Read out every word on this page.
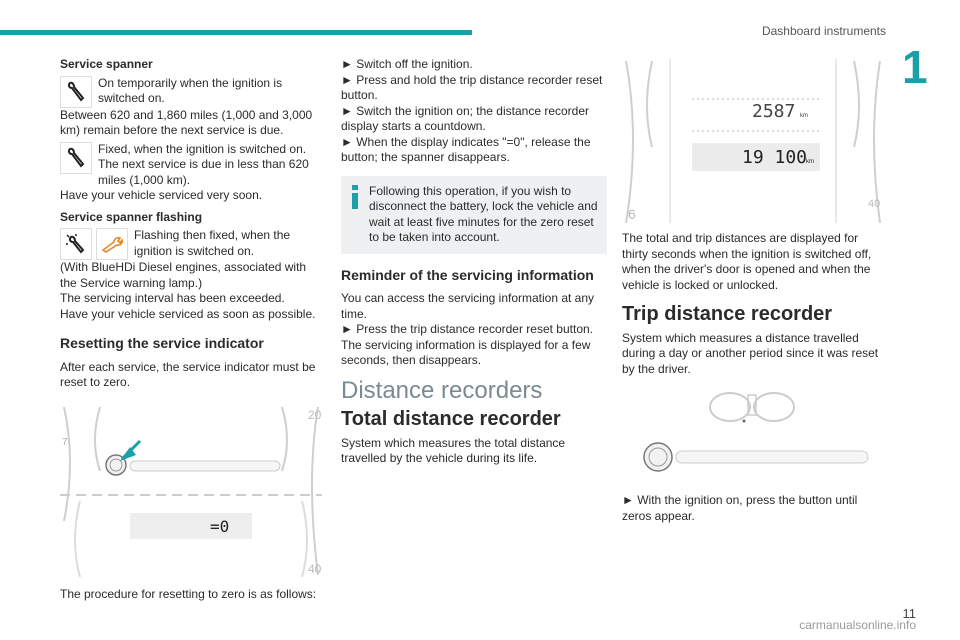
Dashboard instruments
1

Service spanner

On temporarily when the ignition is switched on.

Between 620 and 1,860 miles (1,000 and 3,000 km) remain before the next service is due.

Fixed, when the ignition is switched on. The next service is due in less than 620 miles (1,000 km).

Have your vehicle serviced very soon.

Service spanner flashing

Flashing then fixed, when the ignition is switched on.

(With BlueHDi Diesel engines, associated with the Service warning lamp.)

The servicing interval has been exceeded.

Have your vehicle serviced as soon as possible.

Resetting the service indicator

After each service, the service indicator must be reset to zero.

7
20
40
=0

The procedure for resetting to zero is as follows:

► Switch off the ignition.

► Press and hold the trip distance recorder reset button.

► Switch the ignition on; the distance recorder display starts a countdown.

► When the display indicates "=0", release the button; the spanner disappears.

Following this operation, if you wish to disconnect the battery, lock the vehicle and wait at least five minutes for the zero reset to be taken into account.

Reminder of the servicing information

You can access the servicing information at any time.

► Press the trip distance recorder reset button.

The servicing information is displayed for a few seconds, then disappears.

Distance recorders
Total distance recorder

System which measures the total distance travelled by the vehicle during its life.

2587 km
19 100
km
6
40

The total and trip distances are displayed for thirty seconds when the ignition is switched off, when the driver's door is opened and when the vehicle is locked or unlocked.

Trip distance recorder

System which measures a distance travelled during a day or another period since it was reset by the driver.

► With the ignition on, press the button until zeros appear.

11
carmanualsonline.info
